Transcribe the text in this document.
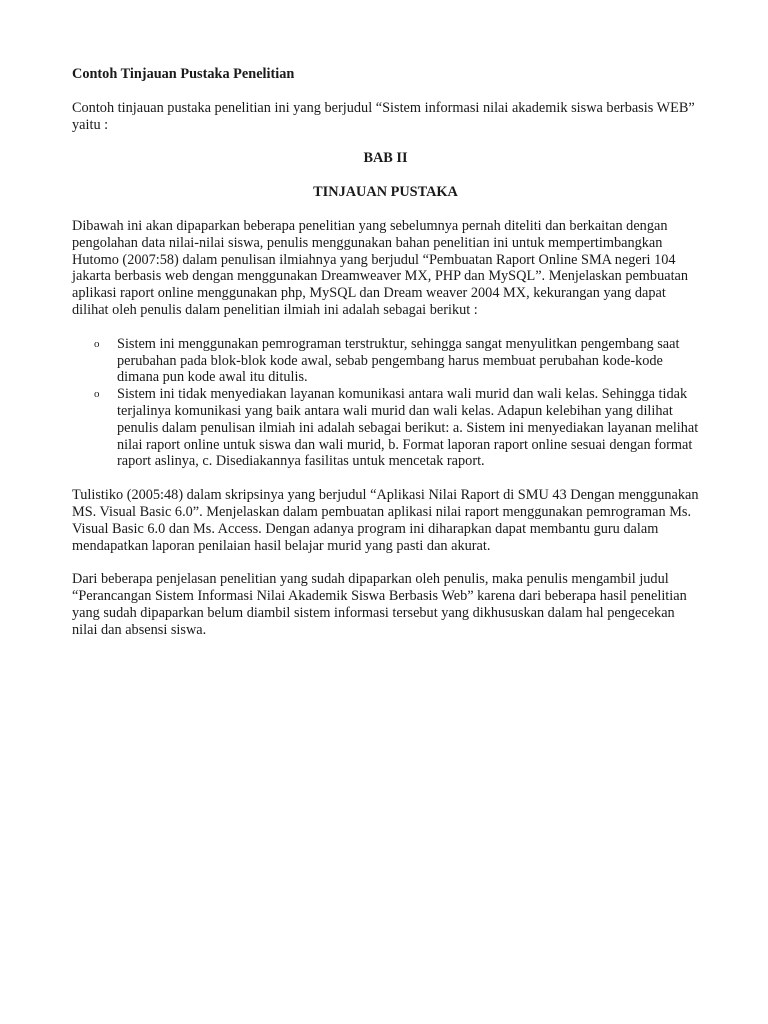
Contoh Tinjauan Pustaka Penelitian

Contoh tinjauan pustaka penelitian ini yang berjudul “Sistem informasi nilai akademik siswa berbasis WEB” yaitu :

BAB II

TINJAUAN PUSTAKA

Dibawah ini akan dipaparkan beberapa penelitian yang sebelumnya pernah diteliti dan berkaitan dengan pengolahan data nilai-nilai siswa, penulis menggunakan bahan penelitian ini untuk mempertimbangkan Hutomo (2007:58) dalam penulisan ilmiahnya yang berjudul “Pembuatan Raport Online SMA negeri 104 jakarta berbasis web dengan menggunakan Dreamweaver MX, PHP dan MySQL”. Menjelaskan pembuatan aplikasi raport online menggunakan php, MySQL dan Dream weaver 2004 MX, kekurangan yang dapat dilihat oleh penulis dalam penelitian ilmiah ini adalah sebagai berikut :

o Sistem ini menggunakan pemrograman terstruktur, sehingga sangat menyulitkan pengembang saat perubahan pada blok-blok kode awal, sebab pengembang harus membuat perubahan kode-kode dimana pun kode awal itu ditulis.
o Sistem ini tidak menyediakan layanan komunikasi antara wali murid dan wali kelas. Sehingga tidak terjalinya komunikasi yang baik antara wali murid dan wali kelas. Adapun kelebihan yang dilihat penulis dalam penulisan ilmiah ini adalah sebagai berikut: a. Sistem ini menyediakan layanan melihat nilai raport online untuk siswa dan wali murid, b. Format laporan raport online sesuai dengan format raport aslinya, c. Disediakannya fasilitas untuk mencetak raport.

Tulistiko (2005:48) dalam skripsinya yang berjudul “Aplikasi Nilai Raport di SMU 43 Dengan menggunakan MS. Visual Basic 6.0”. Menjelaskan dalam pembuatan aplikasi nilai raport menggunakan pemrograman Ms. Visual Basic 6.0 dan Ms. Access. Dengan adanya program ini diharapkan dapat membantu guru dalam mendapatkan laporan penilaian hasil belajar murid yang pasti dan akurat.

Dari beberapa penjelasan penelitian yang sudah dipaparkan oleh penulis, maka penulis mengambil judul “Perancangan Sistem Informasi Nilai Akademik Siswa Berbasis Web” karena dari beberapa hasil penelitian yang sudah dipaparkan belum diambil sistem informasi tersebut yang dikhususkan dalam hal pengecekan nilai dan absensi siswa.
